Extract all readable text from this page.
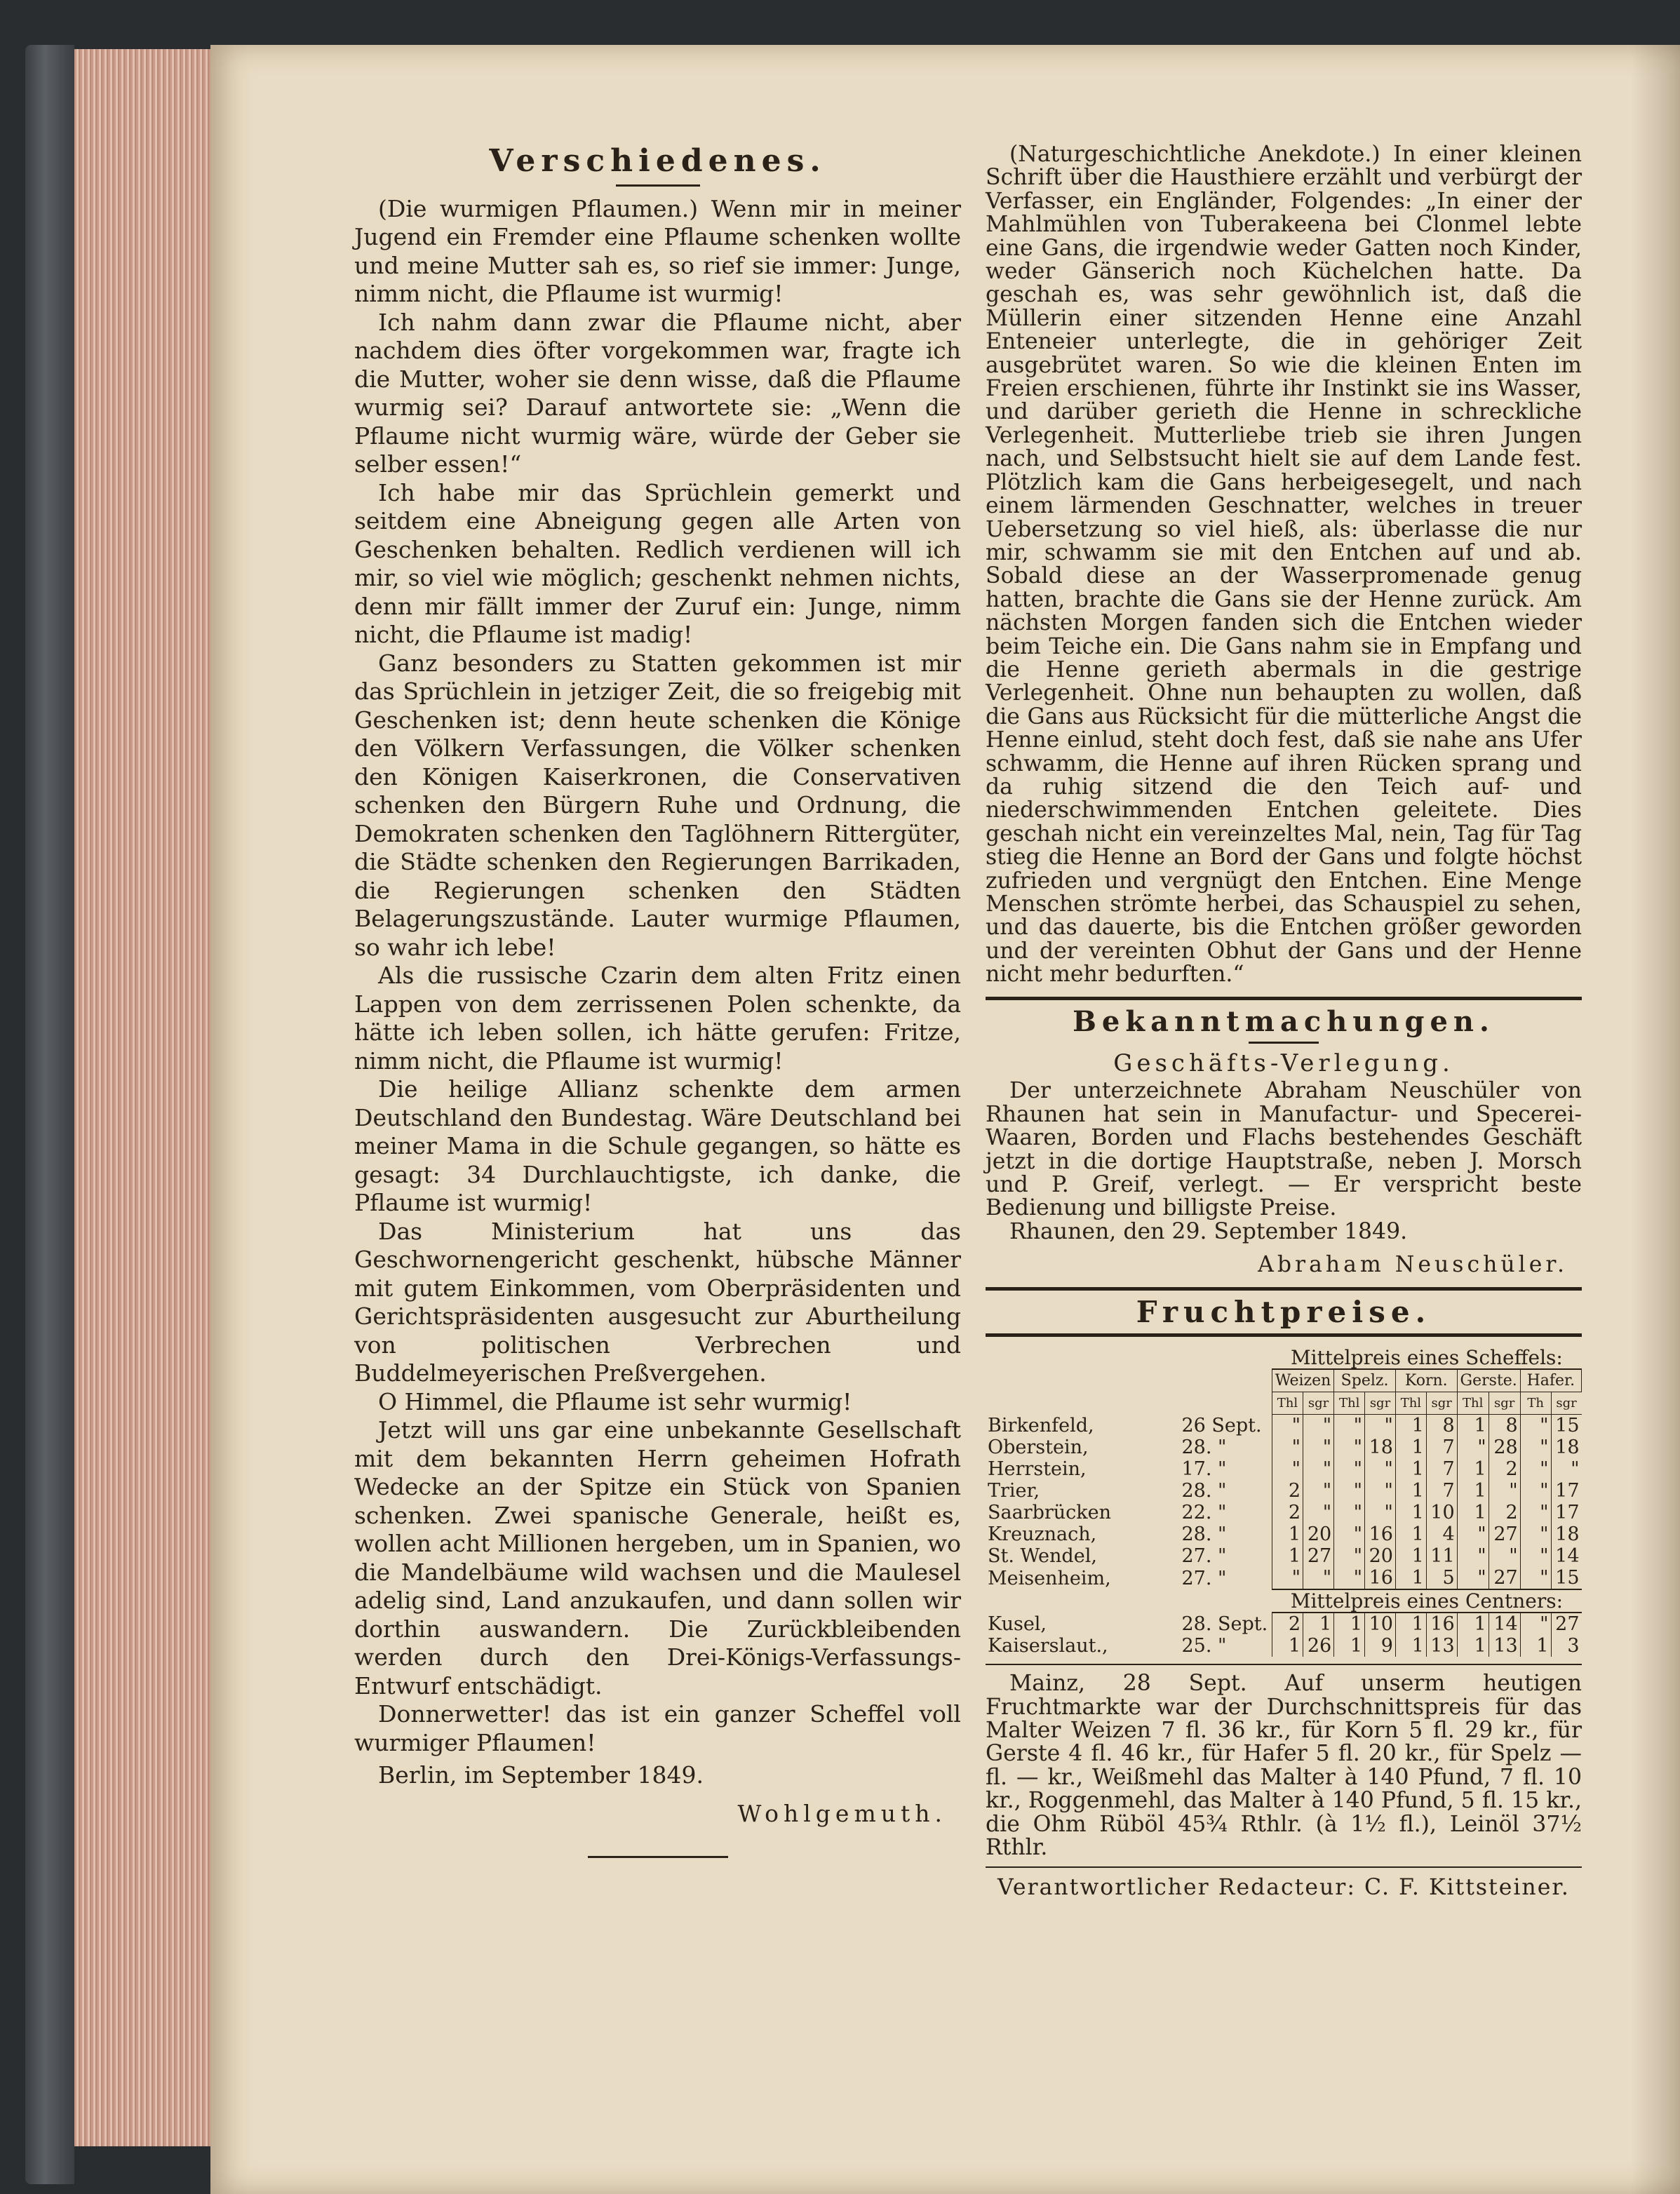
Verschiedenes.

(Die wurmigen Pflaumen.) Wenn mir in meiner Jugend ein Fremder eine Pflaume schenken wollte und meine Mutter sah es, so rief sie immer: Junge, nimm nicht, die Pflaume ist wurmig!

Ich nahm dann zwar die Pflaume nicht, aber nachdem dies öfter vorgekommen war, fragte ich die Mutter, woher sie denn wisse, daß die Pflaume wurmig sei? Darauf antwortete sie: „Wenn die Pflaume nicht wurmig wäre, würde der Geber sie selber essen!“

Ich habe mir das Sprüchlein gemerkt und seitdem eine Abneigung gegen alle Arten von Geschenken behalten. Redlich verdienen will ich mir, so viel wie möglich; geschenkt nehmen nichts, denn mir fällt immer der Zuruf ein: Junge, nimm nicht, die Pflaume ist madig!

Ganz besonders zu Statten gekommen ist mir das Sprüchlein in jetziger Zeit, die so freigebig mit Geschenken ist; denn heute schenken die Könige den Völkern Verfassungen, die Völker schenken den Königen Kaiserkronen, die Conservativen schenken den Bürgern Ruhe und Ordnung, die Demokraten schenken den Taglöhnern Rittergüter, die Städte schenken den Regierungen Barrikaden, die Regierungen schenken den Städten Belagerungszustände. Lauter wurmige Pflaumen, so wahr ich lebe!

Als die russische Czarin dem alten Fritz einen Lappen von dem zerrissenen Polen schenkte, da hätte ich leben sollen, ich hätte gerufen: Fritze, nimm nicht, die Pflaume ist wurmig!

Die heilige Allianz schenkte dem armen Deutschland den Bundestag. Wäre Deutschland bei meiner Mama in die Schule gegangen, so hätte es gesagt: 34 Durchlauchtigste, ich danke, die Pflaume ist wurmig!

Das Ministerium hat uns das Geschwornengericht geschenkt, hübsche Männer mit gutem Einkommen, vom Oberpräsidenten und Gerichtspräsidenten ausgesucht zur Aburtheilung von politischen Verbrechen und Buddelmeyerischen Preßvergehen.

O Himmel, die Pflaume ist sehr wurmig!

Jetzt will uns gar eine unbekannte Gesellschaft mit dem bekannten Herrn geheimen Hofrath Wedecke an der Spitze ein Stück von Spanien schenken. Zwei spanische Generale, heißt es, wollen acht Millionen hergeben, um in Spanien, wo die Mandelbäume wild wachsen und die Maulesel adelig sind, Land anzukaufen, und dann sollen wir dorthin auswandern. Die Zurückbleibenden werden durch den Drei-Königs-Verfassungs-Entwurf entschädigt.

Donnerwetter! das ist ein ganzer Scheffel voll wurmiger Pflaumen!

Berlin, im September 1849.

Wohlgemuth.

(Naturgeschichtliche Anekdote.) In einer kleinen Schrift über die Hausthiere erzählt und verbürgt der Verfasser, ein Engländer, Folgendes: „In einer der Mahlmühlen von Tuberakeena bei Clonmel lebte eine Gans, die irgendwie weder Gatten noch Kinder, weder Gänserich noch Küchelchen hatte. Da geschah es, was sehr gewöhnlich ist, daß die Müllerin einer sitzenden Henne eine Anzahl Enteneier unterlegte, die in gehöriger Zeit ausgebrütet waren. So wie die kleinen Enten im Freien erschienen, führte ihr Instinkt sie ins Wasser, und darüber gerieth die Henne in schreckliche Verlegenheit. Mutterliebe trieb sie ihren Jungen nach, und Selbstsucht hielt sie auf dem Lande fest. Plötzlich kam die Gans herbeigesegelt, und nach einem lärmenden Geschnatter, welches in treuer Uebersetzung so viel hieß, als: überlasse die nur mir, schwamm sie mit den Entchen auf und ab. Sobald diese an der Wasserpromenade genug hatten, brachte die Gans sie der Henne zurück. Am nächsten Morgen fanden sich die Entchen wieder beim Teiche ein. Die Gans nahm sie in Empfang und die Henne gerieth abermals in die gestrige Verlegenheit. Ohne nun behaupten zu wollen, daß die Gans aus Rücksicht für die mütterliche Angst die Henne einlud, steht doch fest, daß sie nahe ans Ufer schwamm, die Henne auf ihren Rücken sprang und da ruhig sitzend die den Teich auf- und niederschwimmenden Entchen geleitete. Dies geschah nicht ein vereinzeltes Mal, nein, Tag für Tag stieg die Henne an Bord der Gans und folgte höchst zufrieden und vergnügt den Entchen. Eine Menge Menschen strömte herbei, das Schauspiel zu sehen, und das dauerte, bis die Entchen größer geworden und der vereinten Obhut der Gans und der Henne nicht mehr bedurften.“

Bekanntmachungen.
Geschäfts-Verlegung.

Der unterzeichnete Abraham Neuschüler von Rhaunen hat sein in Manufactur- und Specerei-Waaren, Borden und Flachs bestehendes Geschäft jetzt in die dortige Hauptstraße, neben J. Morsch und P. Greif, verlegt. — Er verspricht beste Bedienung und billigste Preise.

Rhaunen, den 29. September 1849.

Abraham Neuschüler.
Fruchtpreise.
		Mittelpreis eines Scheffels:									
		Weizen		Spelz.		Korn.		Gerste.		Hafer.	
		Thl	sgr	Thl	sgr	Thl	sgr	Thl	sgr	Th	sgr
Birkenfeld,	26 Sept.	"	"	"	"	1	8	1	8	"	15
Oberstein,	28. "	"	"	"	18	1	7	"	28	"	18
Herrstein,	17. "	"	"	"	"	1	7	1	2	"	"
Trier,	28. "	2	"	"	"	1	7	1	"	"	17
Saarbrücken	22. "	2	"	"	"	1	10	1	2	"	17
Kreuznach,	28. "	1	20	"	16	1	4	"	27	"	18
St. Wendel,	27. "	1	27	"	20	1	11	"	"	"	14
Meisenheim,	27. "	"	"	"	16	1	5	"	27	"	15
		Mittelpreis eines Centners:									
Kusel,	28. Sept.	2	1	1	10	1	16	1	14	"	27
Kaiserslaut.,	25. "	1	26	1	9	1	13	1	13	1	3

Mainz, 28 Sept. Auf unserm heutigen Fruchtmarkte war der Durchschnittspreis für das Malter Weizen 7 fl. 36 kr., für Korn 5 fl. 29 kr., für Gerste 4 fl. 46 kr., für Hafer 5 fl. 20 kr., für Spelz — fl. — kr., Weißmehl das Malter à 140 Pfund, 7 fl. 10 kr., Roggenmehl, das Malter à 140 Pfund, 5 fl. 15 kr., die Ohm Rüböl 45¾ Rthlr. (à 1½ fl.), Leinöl 37½ Rthlr.

Verantwortlicher Redacteur: C. F. Kittsteiner.
